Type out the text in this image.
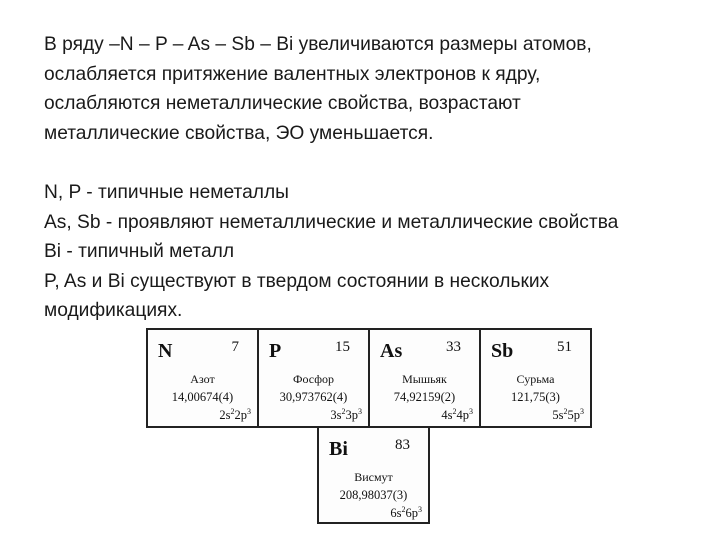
В ряду –N – P – As – Sb – Bi увеличиваются размеры атомов,
ослабляется притяжение валентных электронов к ядру,
ослабляются неметаллические свойства, возрастают
металлические свойства, ЭО уменьшается.
N, P - типичные неметаллы
As, Sb - проявляют неметаллические и металлические свойства
Bi - типичный металл
P, As и Bi существуют в твердом состоянии в нескольких
модификациях.
N	7
Азот
14,00674(4)
$2s^22p^3$
P	15
Фосфор
30,973762(4)
$3s^23p^3$
As	33
Мышьяк
74,92159(2)
$4s^24p^3$
Sb	51
Сурьма
121,75(3)
$5s^25p^3$
Bi	83
Висмут
208,98037(3)
$6s^26p^3$
